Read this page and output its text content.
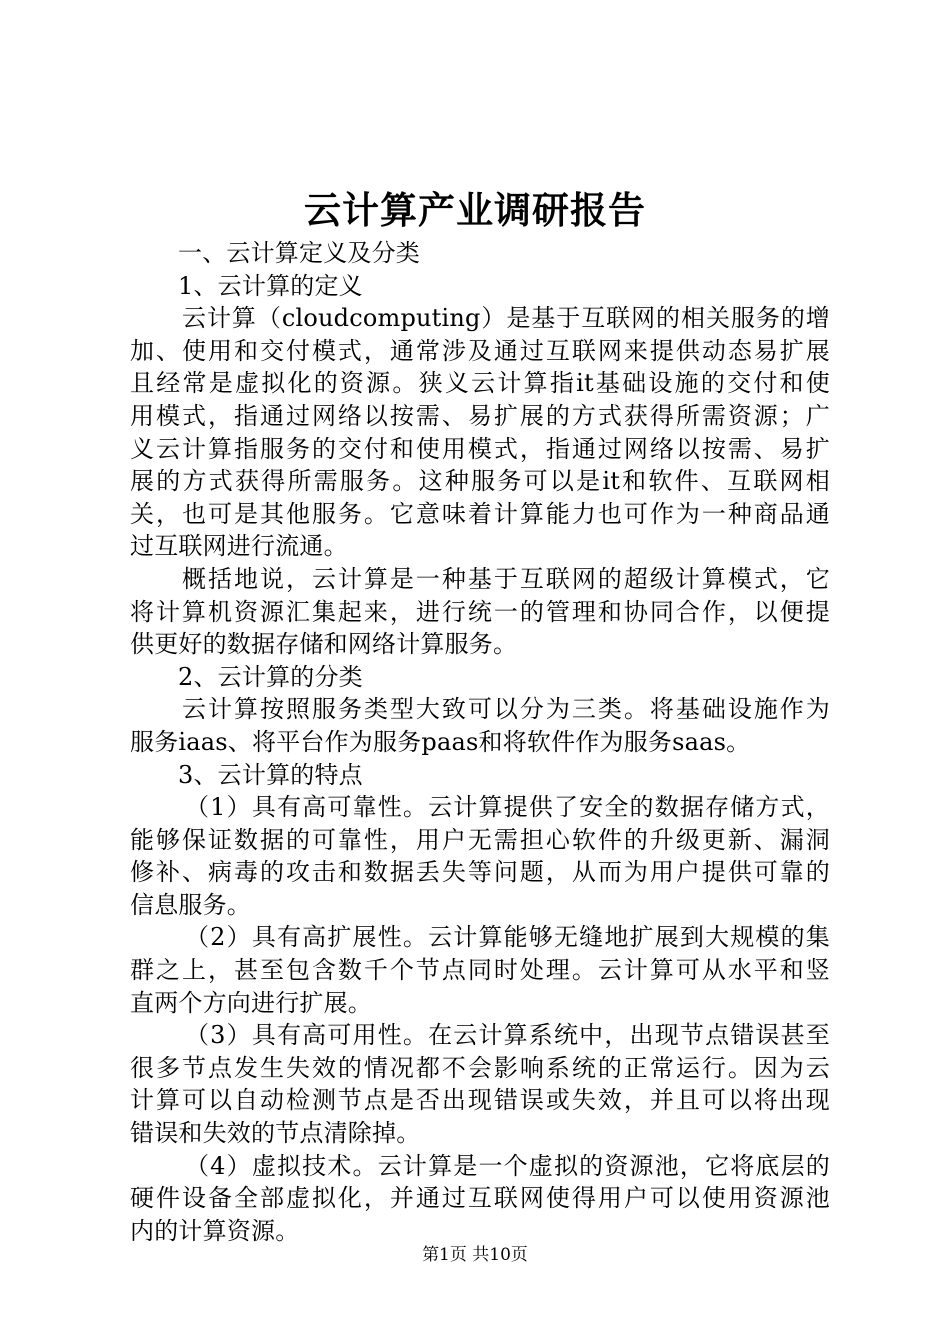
云计算产业调研报告
一、云计算定义及分类
1、云计算的定义
云计算（cloudcomputing）是基于互联网的相关服务的增
加、使用和交付模式，通常涉及通过互联网来提供动态易扩展
且经常是虚拟化的资源。狭义云计算指it基础设施的交付和使
用模式，指通过网络以按需、易扩展的方式获得所需资源；广
义云计算指服务的交付和使用模式，指通过网络以按需、易扩
展的方式获得所需服务。这种服务可以是it和软件、互联网相
关，也可是其他服务。它意味着计算能力也可作为一种商品通
过互联网进行流通。
概括地说，云计算是一种基于互联网的超级计算模式，它
将计算机资源汇集起来，进行统一的管理和协同合作，以便提
供更好的数据存储和网络计算服务。
2、云计算的分类
云计算按照服务类型大致可以分为三类。将基础设施作为
服务iaas、将平台作为服务paas和将软件作为服务saas。
3、云计算的特点
（1）具有高可靠性。云计算提供了安全的数据存储方式，
能够保证数据的可靠性，用户无需担心软件的升级更新、漏洞
修补、病毒的攻击和数据丢失等问题，从而为用户提供可靠的
信息服务。
（2）具有高扩展性。云计算能够无缝地扩展到大规模的集
群之上，甚至包含数千个节点同时处理。云计算可从水平和竖
直两个方向进行扩展。
（3）具有高可用性。在云计算系统中，出现节点错误甚至
很多节点发生失效的情况都不会影响系统的正常运行。因为云
计算可以自动检测节点是否出现错误或失效，并且可以将出现
错误和失效的节点清除掉。
（4）虚拟技术。云计算是一个虚拟的资源池，它将底层的
硬件设备全部虚拟化，并通过互联网使得用户可以使用资源池
内的计算资源。
第1页 共10页
